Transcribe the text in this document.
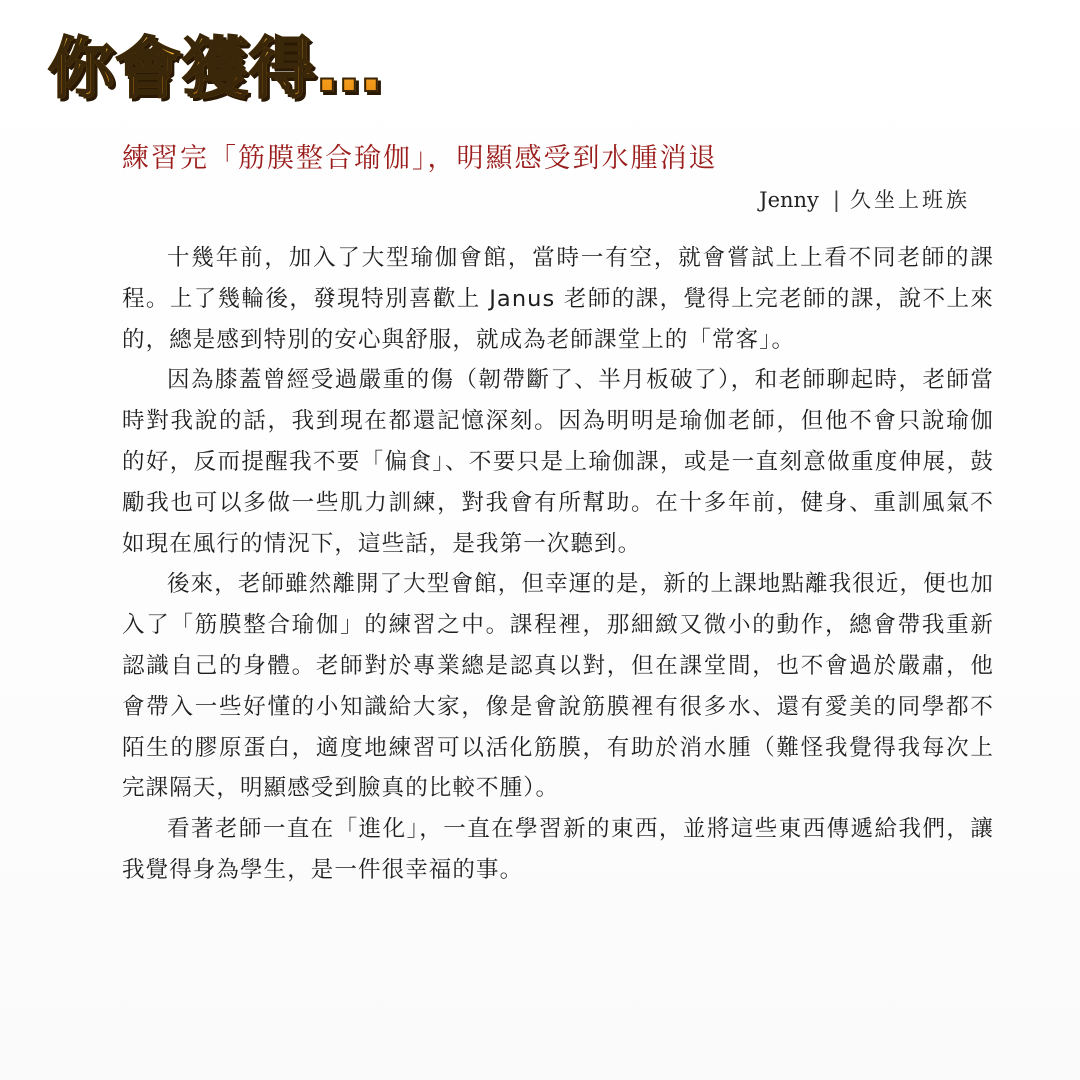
你會獲得…
練習完「筋膜整合瑜伽」，明顯感受到水腫消退
Jenny | 久坐上班族

十幾年前，加入了大型瑜伽會館，當時一有空，就會嘗試上上看不同老師的課程。上了幾輪後，發現特別喜歡上 Janus 老師的課，覺得上完老師的課，說不上來的，總是感到特別的安心與舒服，就成為老師課堂上的「常客」。

因為膝蓋曾經受過嚴重的傷（韌帶斷了、半月板破了），和老師聊起時，老師當時對我說的話，我到現在都還記憶深刻。因為明明是瑜伽老師，但他不會只說瑜伽的好，反而提醒我不要「偏食」、不要只是上瑜伽課，或是一直刻意做重度伸展，鼓勵我也可以多做一些肌力訓練，對我會有所幫助。在十多年前，健身、重訓風氣不如現在風行的情況下，這些話，是我第一次聽到。

後來，老師雖然離開了大型會館，但幸運的是，新的上課地點離我很近，便也加入了「筋膜整合瑜伽」的練習之中。課程裡，那細緻又微小的動作，總會帶我重新認識自己的身體。老師對於專業總是認真以對，但在課堂間，也不會過於嚴肅，他會帶入一些好懂的小知識給大家，像是會說筋膜裡有很多水、還有愛美的同學都不陌生的膠原蛋白，適度地練習可以活化筋膜，有助於消水腫（難怪我覺得我每次上完課隔天，明顯感受到臉真的比較不腫）。

看著老師一直在「進化」，一直在學習新的東西，並將這些東西傳遞給我們，讓我覺得身為學生，是一件很幸福的事。
